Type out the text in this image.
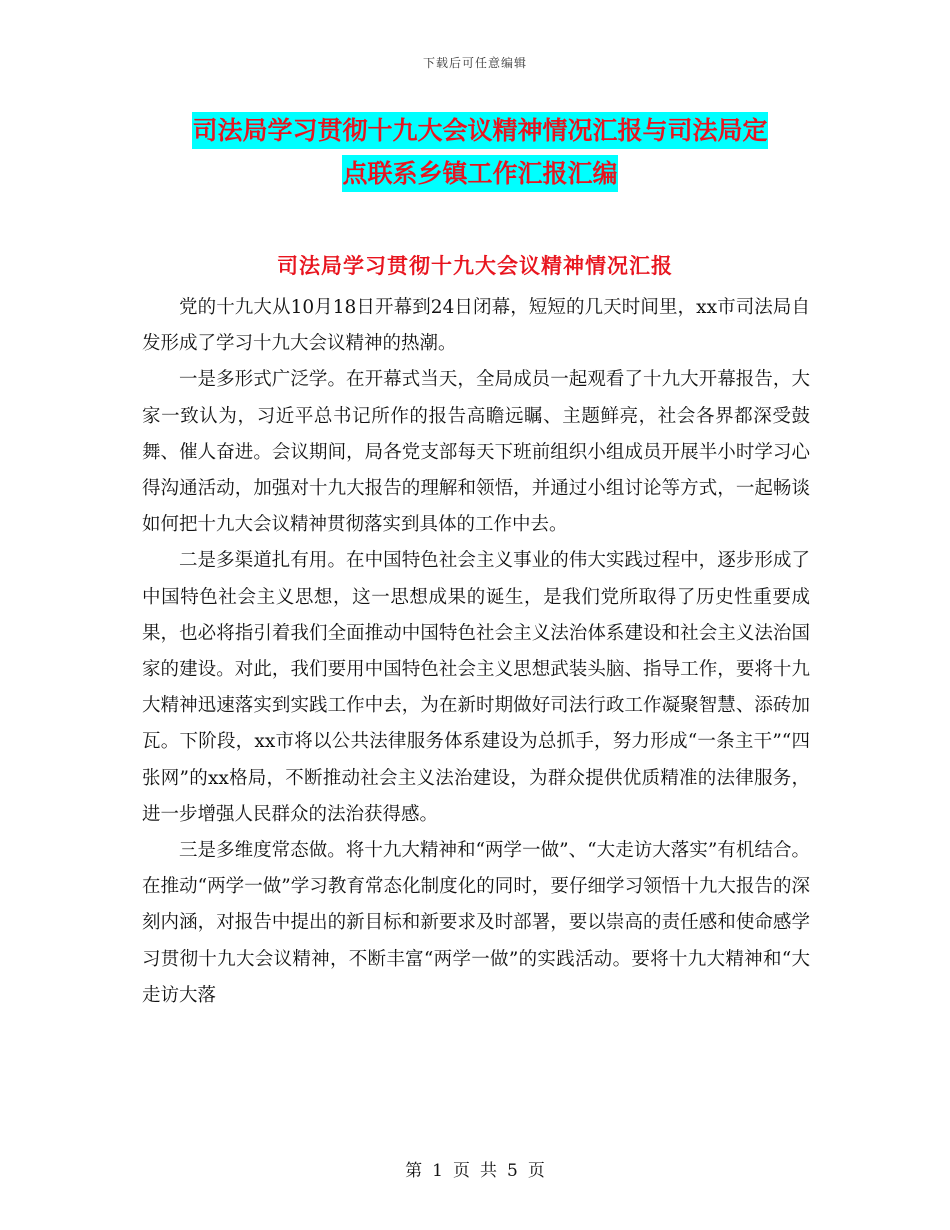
下载后可任意编辑
司法局学习贯彻十九大会议精神情况汇报与司法局定
点联系乡镇工作汇报汇编
司法局学习贯彻十九大会议精神情况汇报

党的十九大从10月18日开幕到24日闭幕，短短的几天时间里，xx市司法局自发形成了学习十九大会议精神的热潮。

一是多形式广泛学。在开幕式当天，全局成员一起观看了十九大开幕报告，大家一致认为，习近平总书记所作的报告高瞻远瞩、主题鲜亮，社会各界都深受鼓舞、催人奋进。会议期间，局各党支部每天下班前组织小组成员开展半小时学习心得沟通活动，加强对十九大报告的理解和领悟，并通过小组讨论等方式，一起畅谈如何把十九大会议精神贯彻落实到具体的工作中去。

二是多渠道扎有用。在中国特色社会主义事业的伟大实践过程中，逐步形成了中国特色社会主义思想，这一思想成果的诞生，是我们党所取得了历史性重要成果，也必将指引着我们全面推动中国特色社会主义法治体系建设和社会主义法治国家的建设。对此，我们要用中国特色社会主义思想武装头脑、指导工作，要将十九大精神迅速落实到实践工作中去，为在新时期做好司法行政工作凝聚智慧、添砖加瓦。下阶段，xx市将以公共法律服务体系建设为总抓手，努力形成“一条主干”“四张网”的xx格局，不断推动社会主义法治建设，为群众提供优质精准的法律服务，进一步增强人民群众的法治获得感。

三是多维度常态做。将十九大精神和“两学一做”、“大走访大落实”有机结合。在推动“两学一做”学习教育常态化制度化的同时，要仔细学习领悟十九大报告的深刻内涵，对报告中提出的新目标和新要求及时部署，要以崇高的责任感和使命感学习贯彻十九大会议精神，不断丰富“两学一做”的实践活动。要将十九大精神和“大走访大落

第 1 页 共 5 页
